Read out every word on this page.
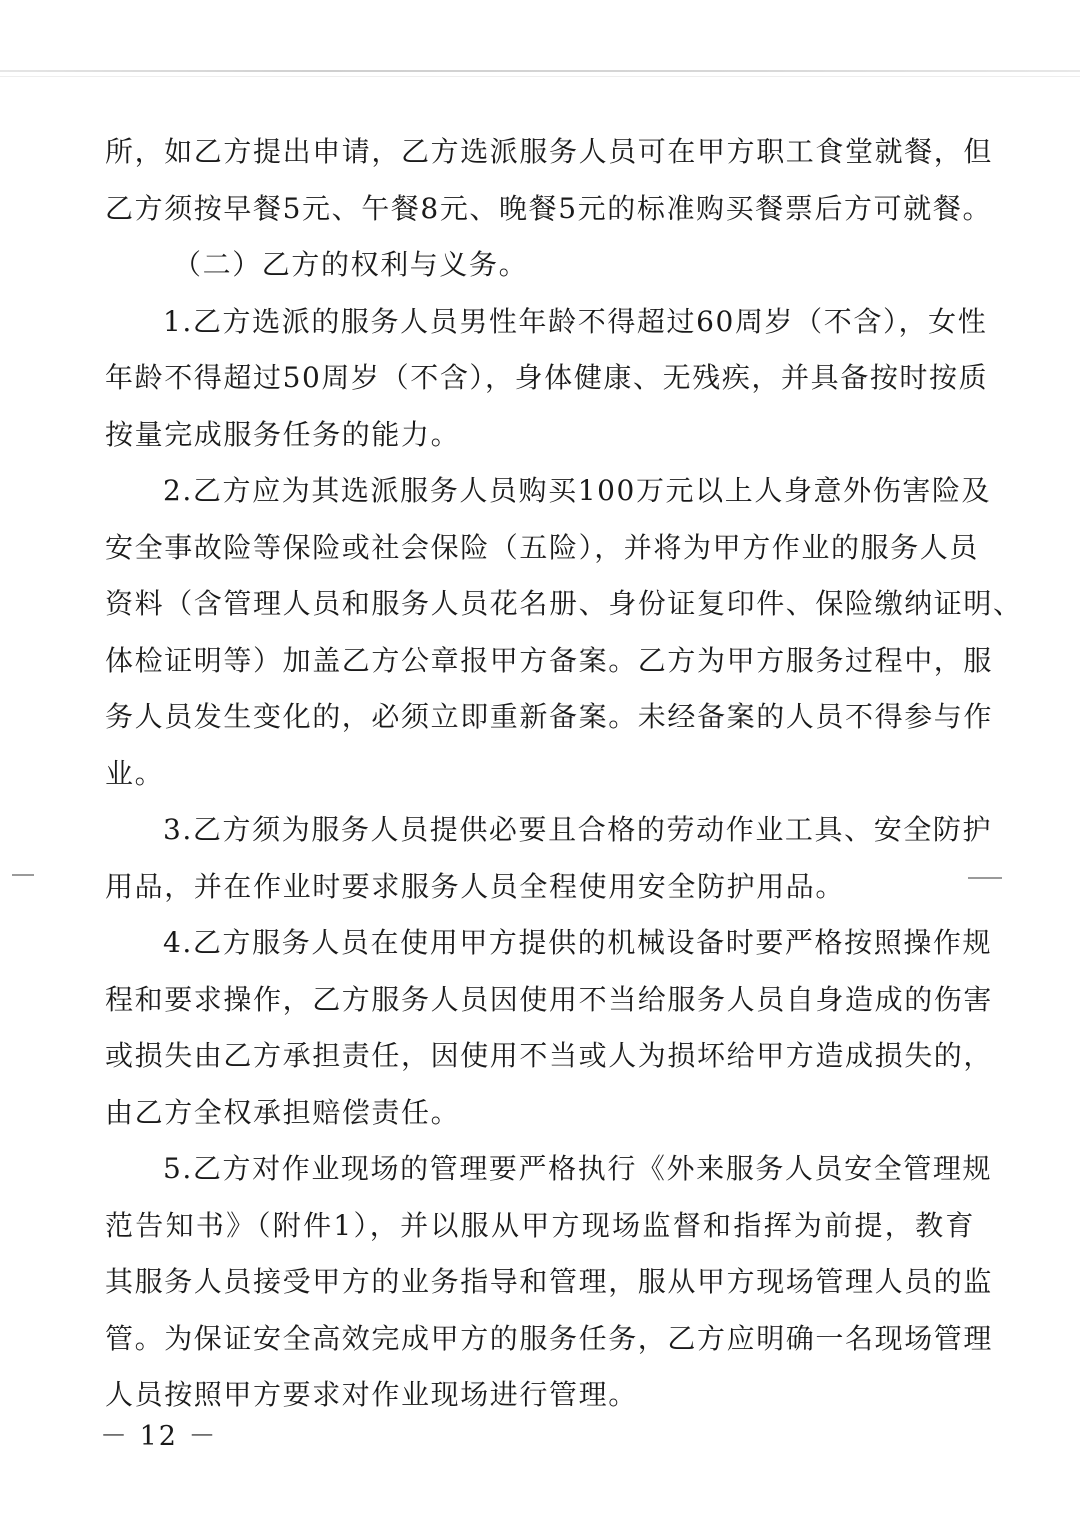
所，如乙方提出申请，乙方选派服务人员可在甲方职工食堂就餐，但
乙方须按早餐5元、午餐8元、晚餐5元的标准购买餐票后方可就餐。
（二）乙方的权利与义务。
1.乙方选派的服务人员男性年龄不得超过60周岁（不含），女性
年龄不得超过50周岁（不含），身体健康、无残疾，并具备按时按质
按量完成服务任务的能力。
2.乙方应为其选派服务人员购买100万元以上人身意外伤害险及
安全事故险等保险或社会保险（五险），并将为甲方作业的服务人员
资料（含管理人员和服务人员花名册、身份证复印件、保险缴纳证明、
体检证明等）加盖乙方公章报甲方备案。乙方为甲方服务过程中，服
务人员发生变化的，必须立即重新备案。未经备案的人员不得参与作
业。
3.乙方须为服务人员提供必要且合格的劳动作业工具、安全防护
用品，并在作业时要求服务人员全程使用安全防护用品。
4.乙方服务人员在使用甲方提供的机械设备时要严格按照操作规
程和要求操作，乙方服务人员因使用不当给服务人员自身造成的伤害
或损失由乙方承担责任，因使用不当或人为损坏给甲方造成损失的，
由乙方全权承担赔偿责任。
5.乙方对作业现场的管理要严格执行《外来服务人员安全管理规
范告知书》（附件1），并以服从甲方现场监督和指挥为前提，教育
其服务人员接受甲方的业务指导和管理，服从甲方现场管理人员的监
管。为保证安全高效完成甲方的服务任务，乙方应明确一名现场管理
人员按照甲方要求对作业现场进行管理。
－ 12 －
